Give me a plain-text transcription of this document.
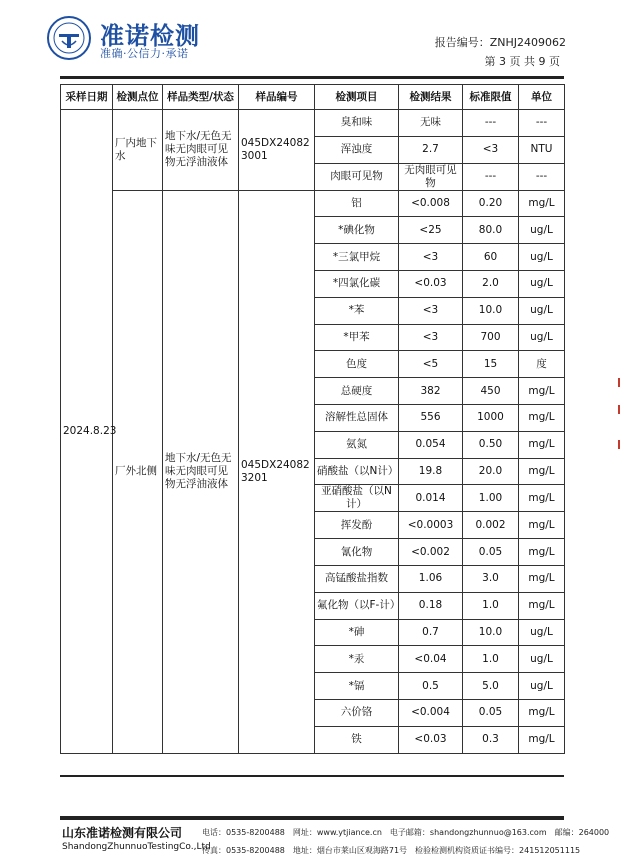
准诺检测
准确·公信力·承诺
报告编号：ZNHJ2409062
第 3 页 共 9 页
采样日期	检测点位	样品类型/状态	样品编号	检测项目	检测结果	标准限值	单位
2024.8.23	厂内地下水	地下水/无色无味无肉眼可见物无浮油液体	045DX240823001	臭和味	无味	---	---
				浑浊度	2.7	<3	NTU
				肉眼可见物	无肉眼可见物	---	---
	厂外北侧	地下水/无色无味无肉眼可见物无浮油液体	045DX240823201	铝	<0.008	0.20	mg/L
				*碘化物	<25	80.0	ug/L
				*三氯甲烷	<3	60	ug/L
				*四氯化碳	<0.03	2.0	ug/L
				*苯	<3	10.0	ug/L
				*甲苯	<3	700	ug/L
				色度	<5	15	度
				总硬度	382	450	mg/L
				溶解性总固体	556	1000	mg/L
				氨氮	0.054	0.50	mg/L
				硝酸盐（以N计）	19.8	20.0	mg/L
				亚硝酸盐（以N计）	0.014	1.00	mg/L
				挥发酚	<0.0003	0.002	mg/L
				氰化物	<0.002	0.05	mg/L
				高锰酸盐指数	1.06	3.0	mg/L
				氟化物（以F-计）	0.18	1.0	mg/L
				*砷	0.7	10.0	ug/L
				*汞	<0.04	1.0	ug/L
				*镉	0.5	5.0	ug/L
				六价铬	<0.004	0.05	mg/L
				铁	<0.03	0.3	mg/L
山东准诺检测有限公司
ShandongZhunnuoTestingCo.,Ltd
电话：0535-8200488　网址：www.ytjiance.cn　电子邮箱：shandongzhunnuo@163.com　邮编：264000
传真：0535-8200488　地址：烟台市莱山区观海路71号　检验检测机构资质证书编号：241512051115
